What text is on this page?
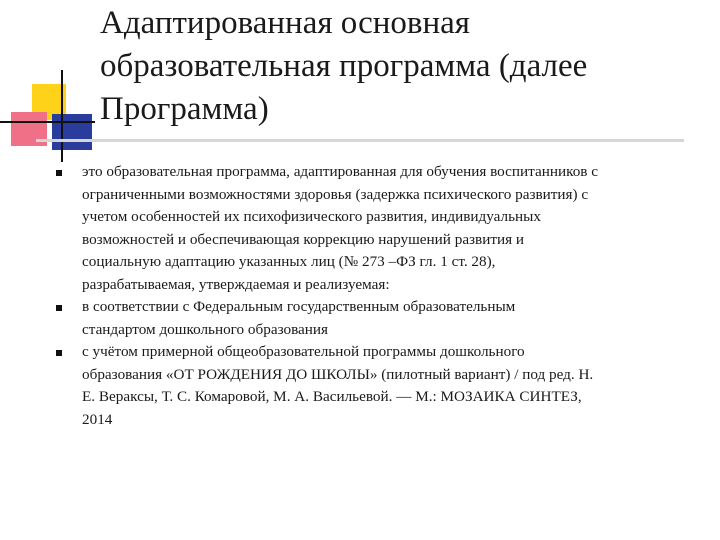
Адаптированная основная
образовательная программа (далее
Программа)
это образовательная программа, адаптированная для обучения воспитанников с
ограниченными возможностями здоровья (задержка психического развития) с
учетом особенностей их психофизического развития, индивидуальных
возможностей и обеспечивающая коррекцию нарушений развития и
социальную адаптацию указанных лиц (№ 273 –ФЗ гл. 1 ст. 28),
разрабатываемая, утверждаемая и реализуемая:
в соответствии с Федеральным государственным образовательным
стандартом дошкольного образования
с учётом примерной общеобразовательной программы дошкольного
образования «ОТ РОЖДЕНИЯ ДО ШКОЛЫ» (пилотный вариант) / под ред. Н.
Е. Вераксы, Т. С. Комаровой, М. А. Васильевой. — М.: МОЗАИКА СИНТЕЗ,
2014
